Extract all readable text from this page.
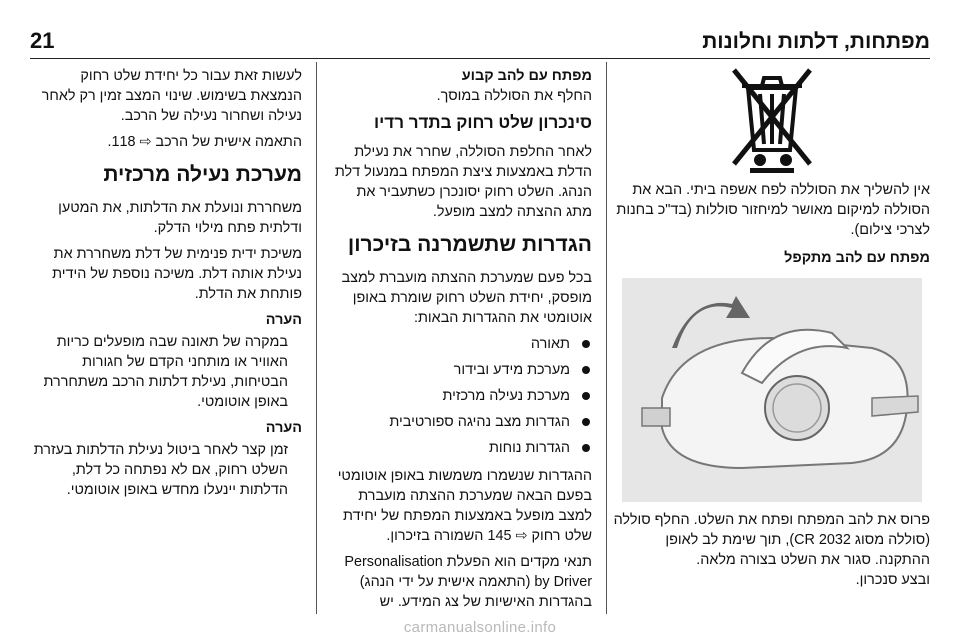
21	מפתחות, דלתות וחלונות

אין להשליך את הסוללה לפח אשפה ביתי. הבא את הסוללה למיקום מאושר למיחזור סוללות (בד"כ בחנות לצרכי צילום).

מפתח עם להב מתקפל

פרוס את להב המפתח ופתח את השלט. החלף סוללה (סוללה מסוג CR 2032), תוך שימת לב לאופן ההתקנה. סגור את השלט בצורה מלאה.

ובצע סנכרון.

מפתח עם להב קבוע

החלף את הסוללה במוסך.

סינכרון שלט רחוק בתדר רדיו

לאחר החלפת הסוללה, שחרר את נעילת הדלת באמצעות ציצת המפתח במנעול דלת הנהג. השלט רחוק יסונכרן כשתעביר את מתג ההצתה למצב מופעל.

הגדרות שתשמרנה בזיכרון

בכל פעם שמערכת ההצתה מועברת למצב מופסק, יחידת השלט רחוק שומרת באופן אוטומטי את ההגדרות הבאות:

תאורה
מערכת מידע ובידור
מערכת נעילה מרכזית
הגדרות מצב נהיגה ספורטיבית
הגדרות נוחות

ההגדרות שנשמרו משמשות באופן אוטומטי בפעם הבאה שמערכת ההצתה מועברת למצב מופעל באמצעות המפתח של יחידת שלט רחוק ⇨ 145 השמורה בזיכרון.

תנאי מקדים הוא הפעלת Personalisation by Driver (התאמה אישית על ידי הנהג) בהגדרות האישיות של צג המידע. יש

לעשות זאת עבור כל יחידת שלט רחוק הנמצאת בשימוש. שינוי המצב זמין רק לאחר נעילה ושחרור נעילה של הרכב.

התאמה אישית של הרכב ⇨ 118.

מערכת נעילה מרכזית

משחררת ונועלת את הדלתות, את המטען ודלתית פתח מילוי הדלק.

משיכת ידית פנימית של דלת משחררת את נעילת אותה דלת. משיכה נוספת של הידית פותחת את הדלת.

הערה

במקרה של תאונה שבה מופעלים כריות האוויר או מותחני הקדם של חגורות הבטיחות, נעילת דלתות הרכב משתחררת באופן אוטומטי.

הערה

זמן קצר לאחר ביטול נעילת הדלתות בעזרת השלט רחוק, אם לא נפתחה כל דלת, הדלתות יינעלו מחדש באופן אוטומטי.

carmanualsonline.info
